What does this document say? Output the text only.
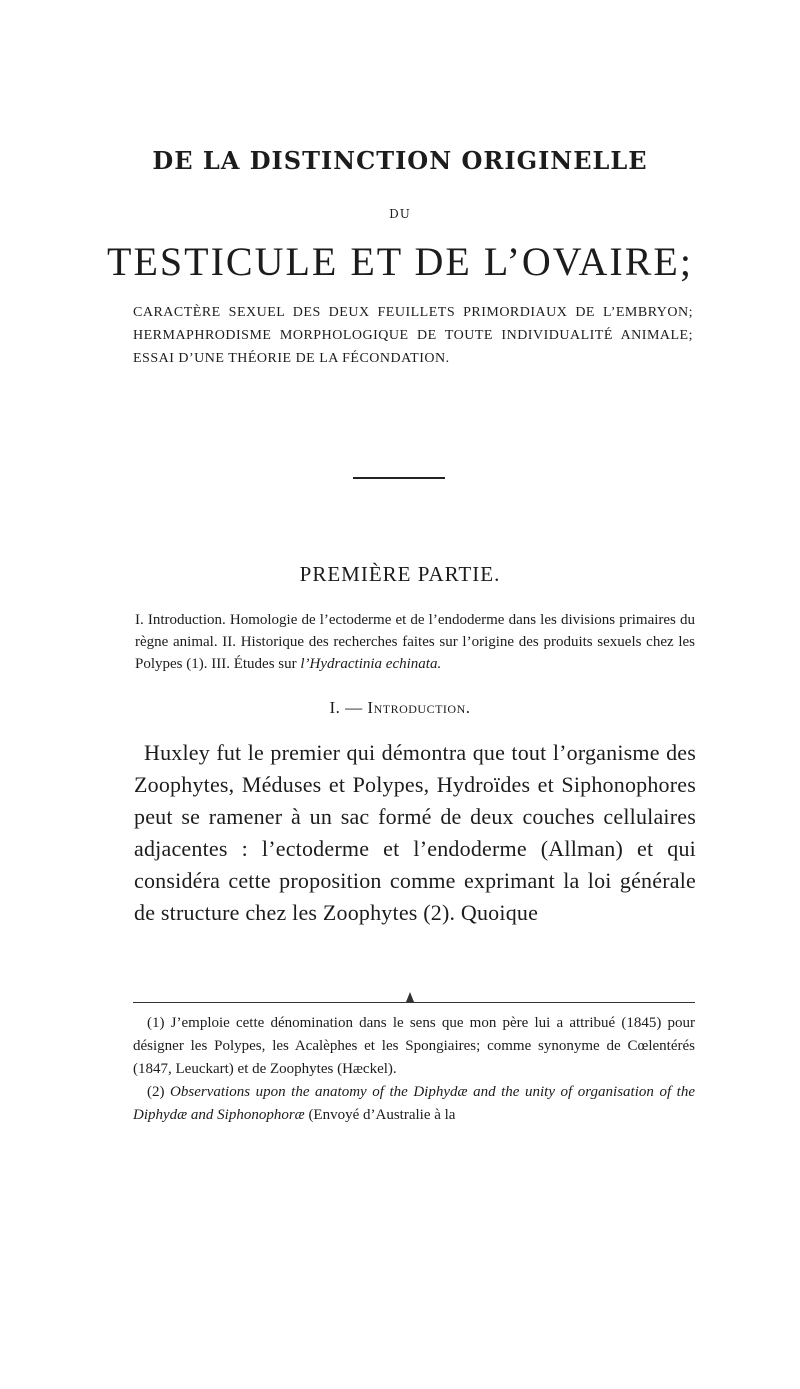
DE LA DISTINCTION ORIGINELLE
DU
TESTICULE ET DE L’OVAIRE;
CARACTÈRE SEXUEL DES DEUX FEUILLETS PRIMORDIAUX DE L’EMBRYON; HERMAPHRODISME MORPHOLOGIQUE DE TOUTE INDIVIDUALITÉ ANIMALE; ESSAI D’UNE THÉORIE DE LA FÉCONDATION.
PREMIÈRE PARTIE.
I. Introduction. Homologie de l’ectoderme et de l’endoderme dans les divisions primaires du règne animal. II. Historique des recherches faites sur l’origine des produits sexuels chez les Polypes (1). III. Études sur l’Hydractinia echinata.
I. — Introduction.
Huxley fut le premier qui démontra que tout l’organisme des Zoophytes, Méduses et Polypes, Hydroïdes et Siphonophores peut se ramener à un sac formé de deux couches cellulaires adjacentes : l’ectoderme et l’endoderme (Allman) et qui considéra cette proposition comme exprimant la loi générale de structure chez les Zoophytes (2). Quoique

(1) J’emploie cette dénomination dans le sens que mon père lui a attribué (1845) pour désigner les Polypes, les Acalèphes et les Spongiaires; comme synonyme de Cœlentérés (1847, Leuckart) et de Zoophytes (Hæckel).

(2) Observations upon the anatomy of the Diphydæ and the unity of organisation of the Diphydæ and Siphonophoræ (Envoyé d’Australie à la
